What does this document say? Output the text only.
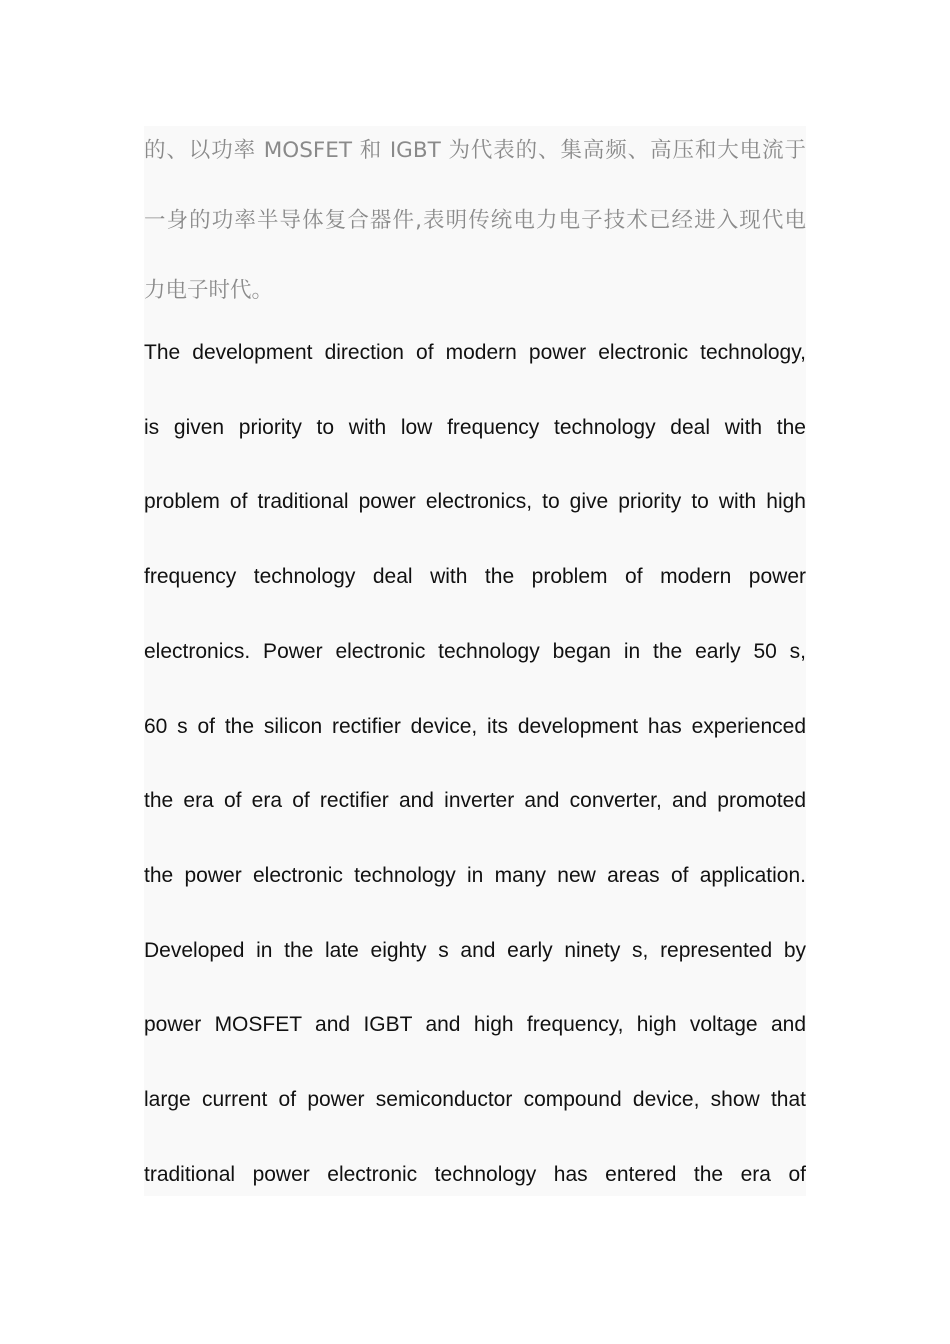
的、以功率 MOSFET 和 IGBT 为代表的、集高频、高压和大电流于
一身的功率半导体复合器件,表明传统电力电子技术已经进入现代电
力电子时代。
The development direction of modern power electronic technology,
is given priority to with low frequency technology deal with the
problem of traditional power electronics, to give priority to with high
frequency technology deal with the problem of modern power
electronics. Power electronic technology began in the early 50 s,
60 s of the silicon rectifier device, its development has experienced
the era of era of rectifier and inverter and converter, and promoted
the power electronic technology in many new areas of application.
Developed in the late eighty s and early ninety s, represented by
power MOSFET and IGBT and high frequency, high voltage and
large current of power semiconductor compound device, show that
traditional power electronic technology has entered the era of
